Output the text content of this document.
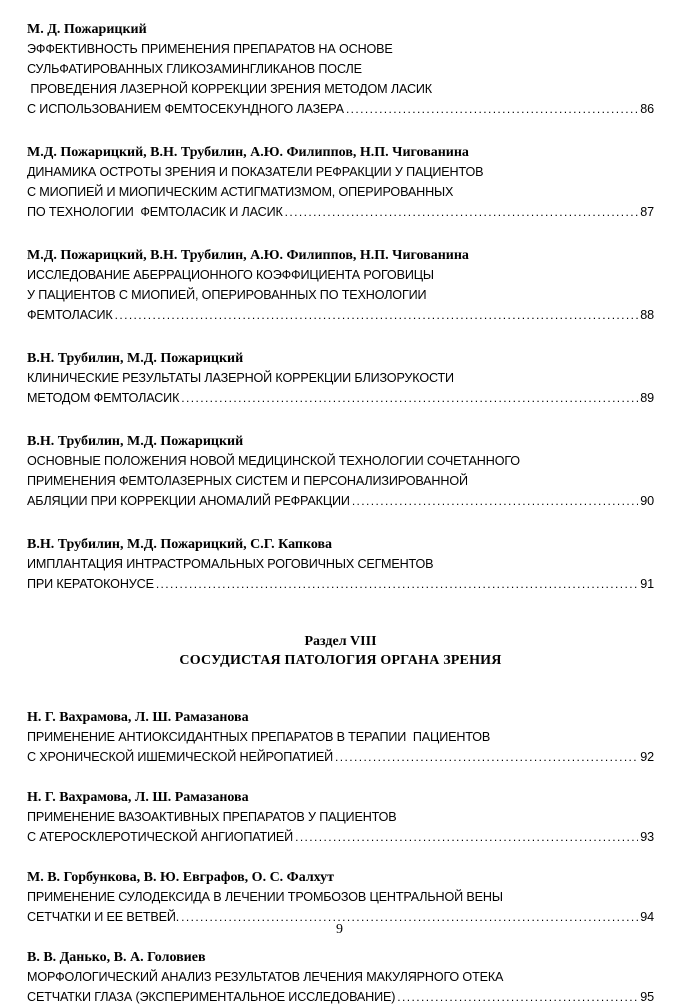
М. Д. Пожарицкий

ЭФФЕКТИВНОСТЬ ПРИМЕНЕНИЯ ПРЕПАРАТОВ НА ОСНОВЕ

СУЛЬФАТИРОВАННЫХ ГЛИКОЗАМИНГЛИКАНОВ ПОСЛЕ

ПРОВЕДЕНИЯ ЛАЗЕРНОЙ КОРРЕКЦИИ ЗРЕНИЯ МЕТОДОМ ЛАСИК

С ИСПОЛЬЗОВАНИЕМ ФЕМТОСЕКУНДНОГО ЛАЗЕРА .....	86

М.Д. Пожарицкий, В.Н. Трубилин, А.Ю. Филиппов, Н.П. Чигованина

ДИНАМИКА ОСТРОТЫ ЗРЕНИЯ И ПОКАЗАТЕЛИ РЕФРАКЦИИ У ПАЦИЕНТОВ

С МИОПИЕЙ И МИОПИЧЕСКИМ АСТИГМАТИЗМОМ, ОПЕРИРОВАННЫХ

ПО ТЕХНОЛОГИИ  ФЕМТОЛАСИК И ЛАСИК .....	87

М.Д. Пожарицкий, В.Н. Трубилин, А.Ю. Филиппов, Н.П. Чигованина

ИССЛЕДОВАНИЕ АБЕРРАЦИОННОГО КОЭФФИЦИЕНТА РОГОВИЦЫ

У ПАЦИЕНТОВ С МИОПИЕЙ, ОПЕРИРОВАННЫХ ПО ТЕХНОЛОГИИ

ФЕМТОЛАСИК .....	88

В.Н. Трубилин, М.Д. Пожарицкий

КЛИНИЧЕСКИЕ РЕЗУЛЬТАТЫ ЛАЗЕРНОЙ КОРРЕКЦИИ БЛИЗОРУКОСТИ

МЕТОДОМ ФЕМТОЛАСИК .....	89

В.Н. Трубилин, М.Д. Пожарицкий

ОСНОВНЫЕ ПОЛОЖЕНИЯ НОВОЙ МЕДИЦИНСКОЙ ТЕХНОЛОГИИ СОЧЕТАННОГО

ПРИМЕНЕНИЯ ФЕМТОЛАЗЕРНЫХ СИСТЕМ И ПЕРСОНАЛИЗИРОВАННОЙ

АБЛЯЦИИ ПРИ КОРРЕКЦИИ АНОМАЛИЙ РЕФРАКЦИИ .....	90

В.Н. Трубилин, М.Д. Пожарицкий, С.Г. Капкова

ИМПЛАНТАЦИЯ ИНТРАСТРОМАЛЬНЫХ РОГОВИЧНЫХ СЕГМЕНТОВ

ПРИ КЕРАТОКОНУСЕ .....	91

Раздел VIII

СОСУДИСТАЯ ПАТОЛОГИЯ ОРГАНА ЗРЕНИЯ

Н. Г. Вахрамова, Л. Ш. Рамазанова

ПРИМЕНЕНИЕ АНТИОКСИДАНТНЫХ ПРЕПАРАТОВ В ТЕРАПИИ  ПАЦИЕНТОВ

С ХРОНИЧЕСКОЙ ИШЕМИЧЕСКОЙ НЕЙРОПАТИЕЙ .....	92

Н. Г. Вахрамова, Л. Ш. Рамазанова

ПРИМЕНЕНИЕ ВАЗОАКТИВНЫХ ПРЕПАРАТОВ У ПАЦИЕНТОВ

С АТЕРОСКЛЕРОТИЧЕСКОЙ АНГИОПАТИЕЙ .....	93

М. В. Горбункова, В. Ю. Евграфов, О. С. Фалхут

ПРИМЕНЕНИЕ СУЛОДЕКСИДА В ЛЕЧЕНИИ ТРОМБОЗОВ ЦЕНТРАЛЬНОЙ ВЕНЫ

СЕТЧАТКИ И ЕЕ ВЕТВЕЙ. .....	94

В. В. Данько, В. А. Головиев

МОРФОЛОГИЧЕСКИЙ АНАЛИЗ РЕЗУЛЬТАТОВ ЛЕЧЕНИЯ МАКУЛЯРНОГО ОТЕКА

СЕТЧАТКИ ГЛАЗА (ЭКСПЕРИМЕНТАЛЬНОЕ ИССЛЕДОВАНИЕ) .....	95

9
